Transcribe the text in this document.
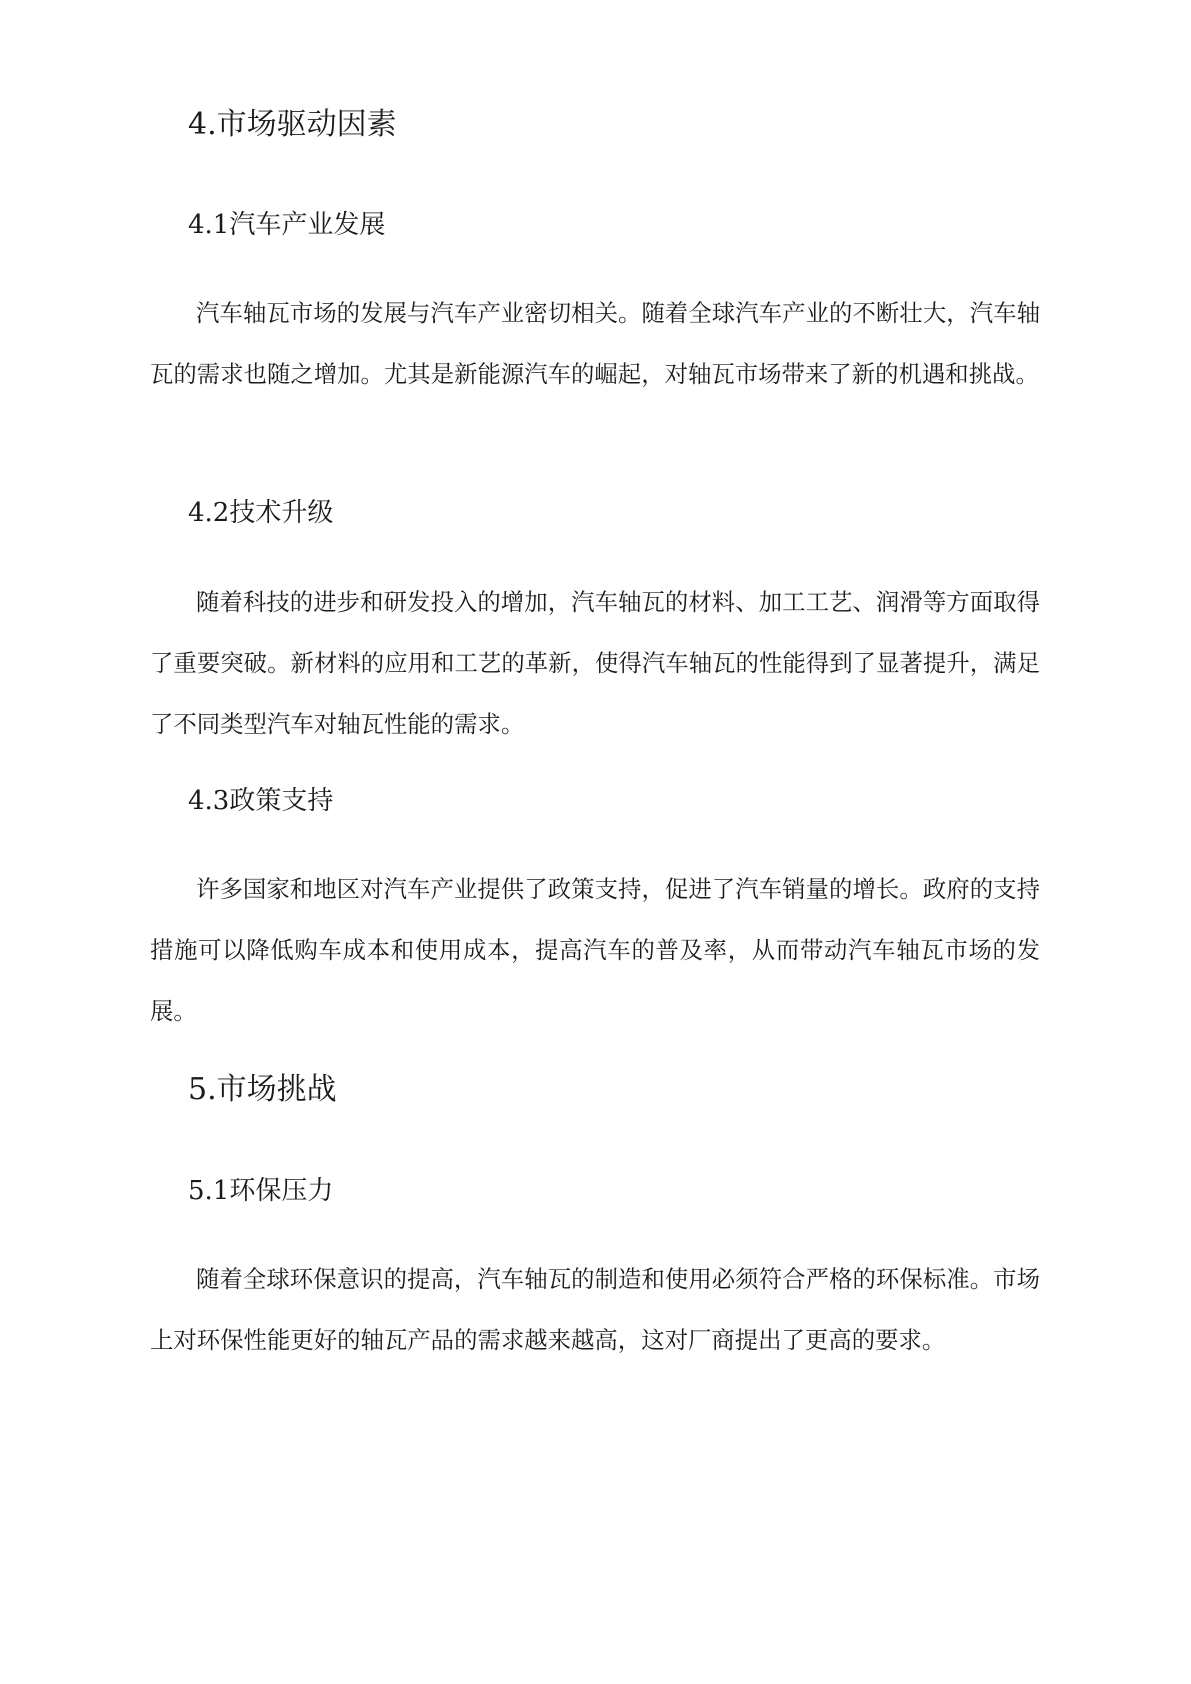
4.市场驱动因素
4.1汽车产业发展

汽车轴瓦市场的发展与汽车产业密切相关。随着全球汽车产业的不断壮大，汽车轴瓦的需求也随之增加。尤其是新能源汽车的崛起，对轴瓦市场带来了新的机遇和挑战。

4.2技术升级

随着科技的进步和研发投入的增加，汽车轴瓦的材料、加工工艺、润滑等方面取得了重要突破。新材料的应用和工艺的革新，使得汽车轴瓦的性能得到了显著提升，满足了不同类型汽车对轴瓦性能的需求。

4.3政策支持

许多国家和地区对汽车产业提供了政策支持，促进了汽车销量的增长。政府的支持措施可以降低购车成本和使用成本，提高汽车的普及率，从而带动汽车轴瓦市场的发展。

5.市场挑战
5.1环保压力

随着全球环保意识的提高，汽车轴瓦的制造和使用必须符合严格的环保标准。市场上对环保性能更好的轴瓦产品的需求越来越高，这对厂商提出了更高的要求。
